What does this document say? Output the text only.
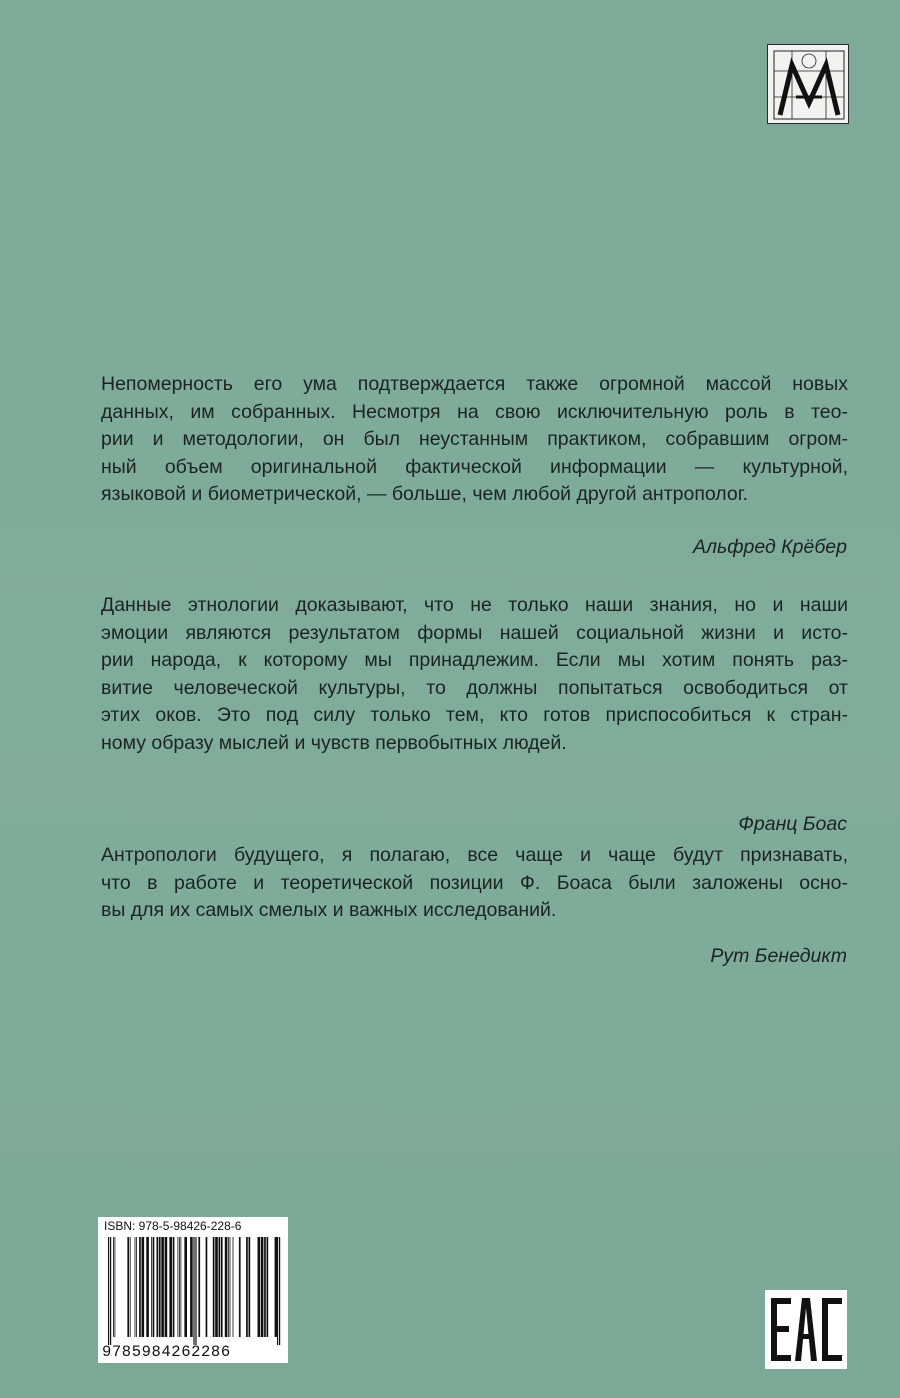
Непомерность его ума подтверждается также огромной массой новых
данных, им собранных. Несмотря на свою исключительную роль в тео-
рии и методологии, он был неустанным практиком, собравшим огром-
ный объем оригинальной фактической информации — культурной,
языковой и биометрической, — больше, чем любой другой антрополог.
Альфред Крёбер
Данные этнологии доказывают, что не только наши знания, но и наши
эмоции являются результатом формы нашей социальной жизни и исто-
рии народа, к которому мы принадлежим. Если мы хотим понять раз-
витие человеческой культуры, то должны попытаться освободиться от
этих оков. Это под силу только тем, кто готов приспособиться к стран-
ному образу мыслей и чувств первобытных людей.
Франц Боас
Антропологи будущего, я полагаю, все чаще и чаще будут признавать,
что в работе и теоретической позиции Ф. Боаса были заложены осно-
вы для их самых смелых и важных исследований.
Рут Бенедикт
ISBN: 978-5-98426-228-6
9785984262286
